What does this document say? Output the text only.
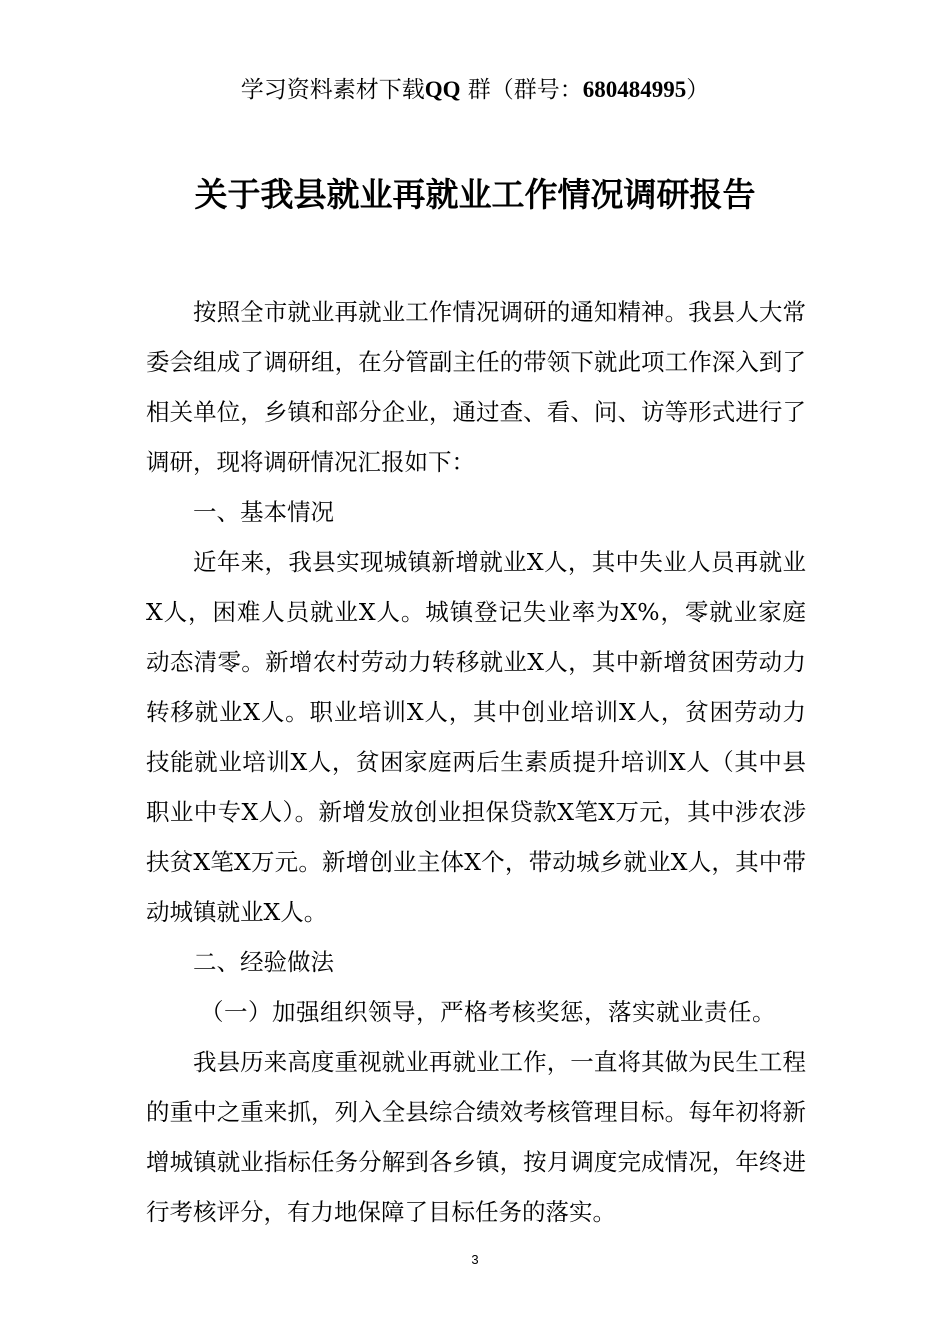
学习资料素材下载QQ 群（群号：680484995）
关于我县就业再就业工作情况调研报告

按照全市就业再就业工作情况调研的通知精神。我县人大常委会组成了调研组，在分管副主任的带领下就此项工作深入到了相关单位，乡镇和部分企业，通过查、看、问、访等形式进行了调研，现将调研情况汇报如下：

一、基本情况

近年来，我县实现城镇新增就业X人，其中失业人员再就业X人，困难人员就业X人。城镇登记失业率为X%，零就业家庭动态清零。新增农村劳动力转移就业X人，其中新增贫困劳动力转移就业X人。职业培训X人，其中创业培训X人，贫困劳动力技能就业培训X人，贫困家庭两后生素质提升培训X人（其中县职业中专X人）。新增发放创业担保贷款X笔X万元，其中涉农涉扶贫X笔X万元。新增创业主体X个，带动城乡就业X人，其中带动城镇就业X人。

二、经验做法
（一）加强组织领导，严格考核奖惩，落实就业责任。

我县历来高度重视就业再就业工作，一直将其做为民生工程的重中之重来抓，列入全县综合绩效考核管理目标。每年初将新增城镇就业指标任务分解到各乡镇，按月调度完成情况，年终进行考核评分，有力地保障了目标任务的落实。

3
